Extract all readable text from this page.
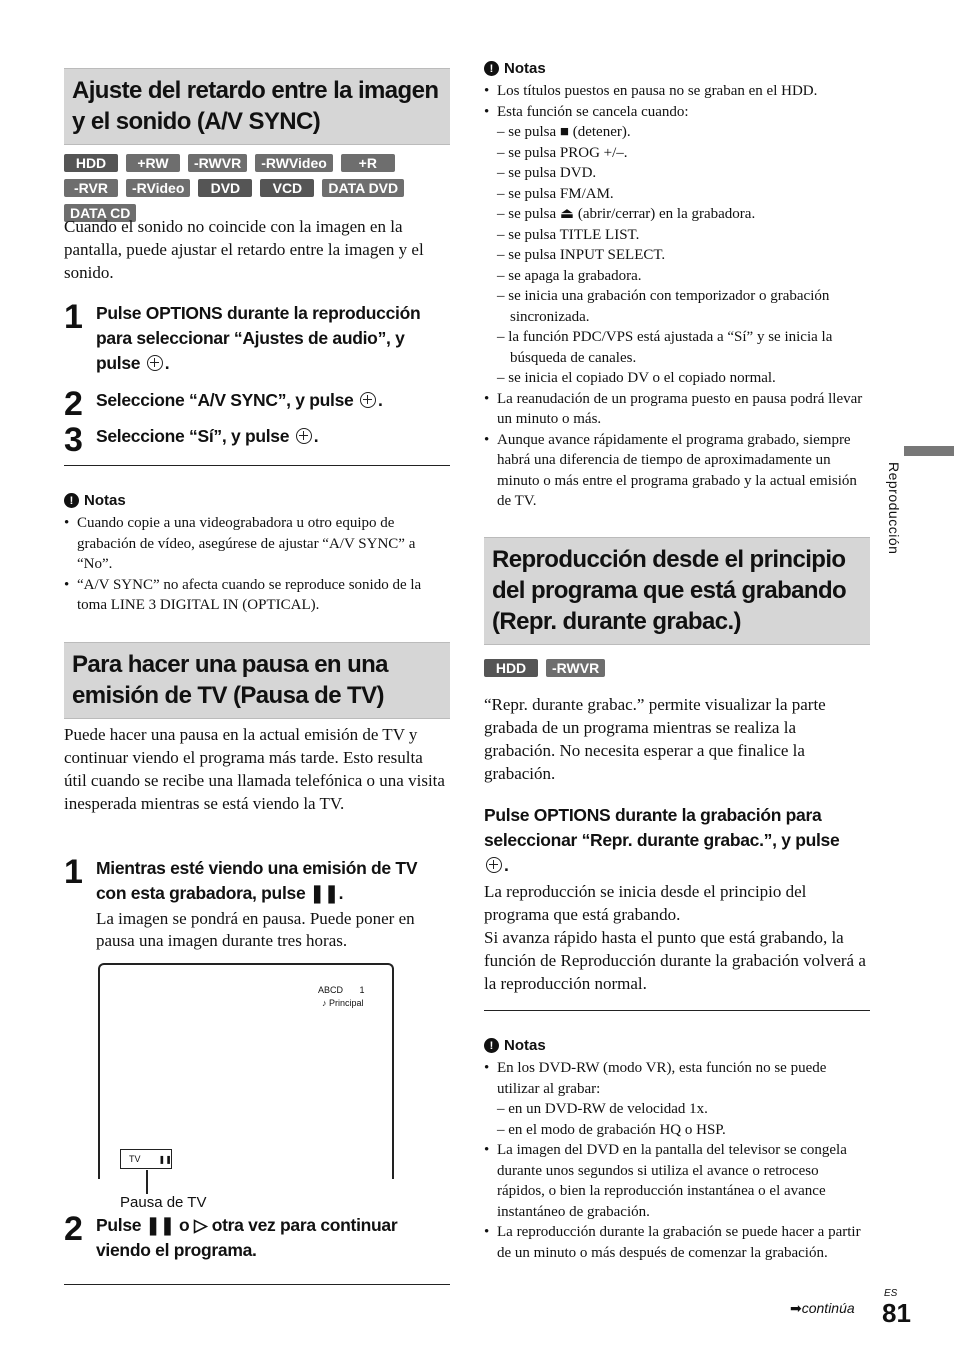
Ajuste del retardo entre la imagen y el sonido (A/V SYNC)
HDD	+RW	-RWVR	-RWVideo	+R
-RVR	-RVideo	DVD	VCD	DATA DVD
DATA CD
Cuando el sonido no coincide con la imagen en la pantalla, puede ajustar el retardo entre la imagen y el sonido.
1 Pulse OPTIONS durante la reproducción para seleccionar “Ajustes de audio”, y pulse .
2 Seleccione “A/V SYNC”, y pulse .
3 Seleccione “Sí”, y pulse .
! Notas
• Cuando copie a una videograbadora u otro equipo de grabación de vídeo, asegúrese de ajustar “A/V SYNC” a “No”.
• “A/V SYNC” no afecta cuando se reproduce sonido de la toma LINE 3 DIGITAL IN (OPTICAL).
Para hacer una pausa en una emisión de TV (Pausa de TV)
Puede hacer una pausa en la actual emisión de TV y continuar viendo el programa más tarde. Esto resulta útil cuando se recibe una llamada telefónica o una visita inesperada mientras se está viendo la TV.
1 Mientras esté viendo una emisión de TV con esta grabadora, pulse ❚❚.
La imagen se pondrá en pausa. Puede poner en pausa una imagen durante tres horas.
2 Pulse ❚❚ o ▷ otra vez para continuar viendo el programa.
ABCD 1
♪ Principal
TV ❚❚
Pausa de TV
! Notas
• Los títulos puestos en pausa no se graban en el HDD.
• Esta función se cancela cuando:
– se pulsa ■ (detener).
– se pulsa PROG +/–.
– se pulsa DVD.
– se pulsa FM/AM.
– se pulsa ⏏ (abrir/cerrar) en la grabadora.
– se pulsa TITLE LIST.
– se pulsa INPUT SELECT.
– se apaga la grabadora.
– se inicia una grabación con temporizador o grabación sincronizada.
– la función PDC/VPS está ajustada a “Sí” y se inicia la búsqueda de canales.
– se inicia el copiado DV o el copiado normal.
• La reanudación de un programa puesto en pausa podrá llevar un minuto o más.
• Aunque avance rápidamente el programa grabado, siempre habrá una diferencia de tiempo de aproximadamente un minuto o más entre el programa grabado y la actual emisión de TV.
Reproducción desde el principio del programa que está grabando (Repr. durante grabac.)
HDD	-RWVR
“Repr. durante grabac.” permite visualizar la parte grabada de un programa mientras se realiza la grabación. No necesita esperar a que finalice la grabación.
Pulse OPTIONS durante la grabación para seleccionar “Repr. durante grabac.”, y pulse
.
La reproducción se inicia desde el principio del programa que está grabando.
Si avanza rápido hasta el punto que está grabando, la función de Reproducción durante la grabación volverá a la reproducción normal.
! Notas
• En los DVD-RW (modo VR), esta función no se puede utilizar al grabar:
– en un DVD-RW de velocidad 1x.
– en el modo de grabación HQ o HSP.
• La imagen del DVD en la pantalla del televisor se congela durante unos segundos si utiliza el avance o retroceso rápidos, o bien la reproducción instantánea o el avance instantáneo de grabación.
• La reproducción durante la grabación se puede hacer a partir de un minuto o más después de comenzar la grabación.
Reproducción
➡continúa
ES
81
